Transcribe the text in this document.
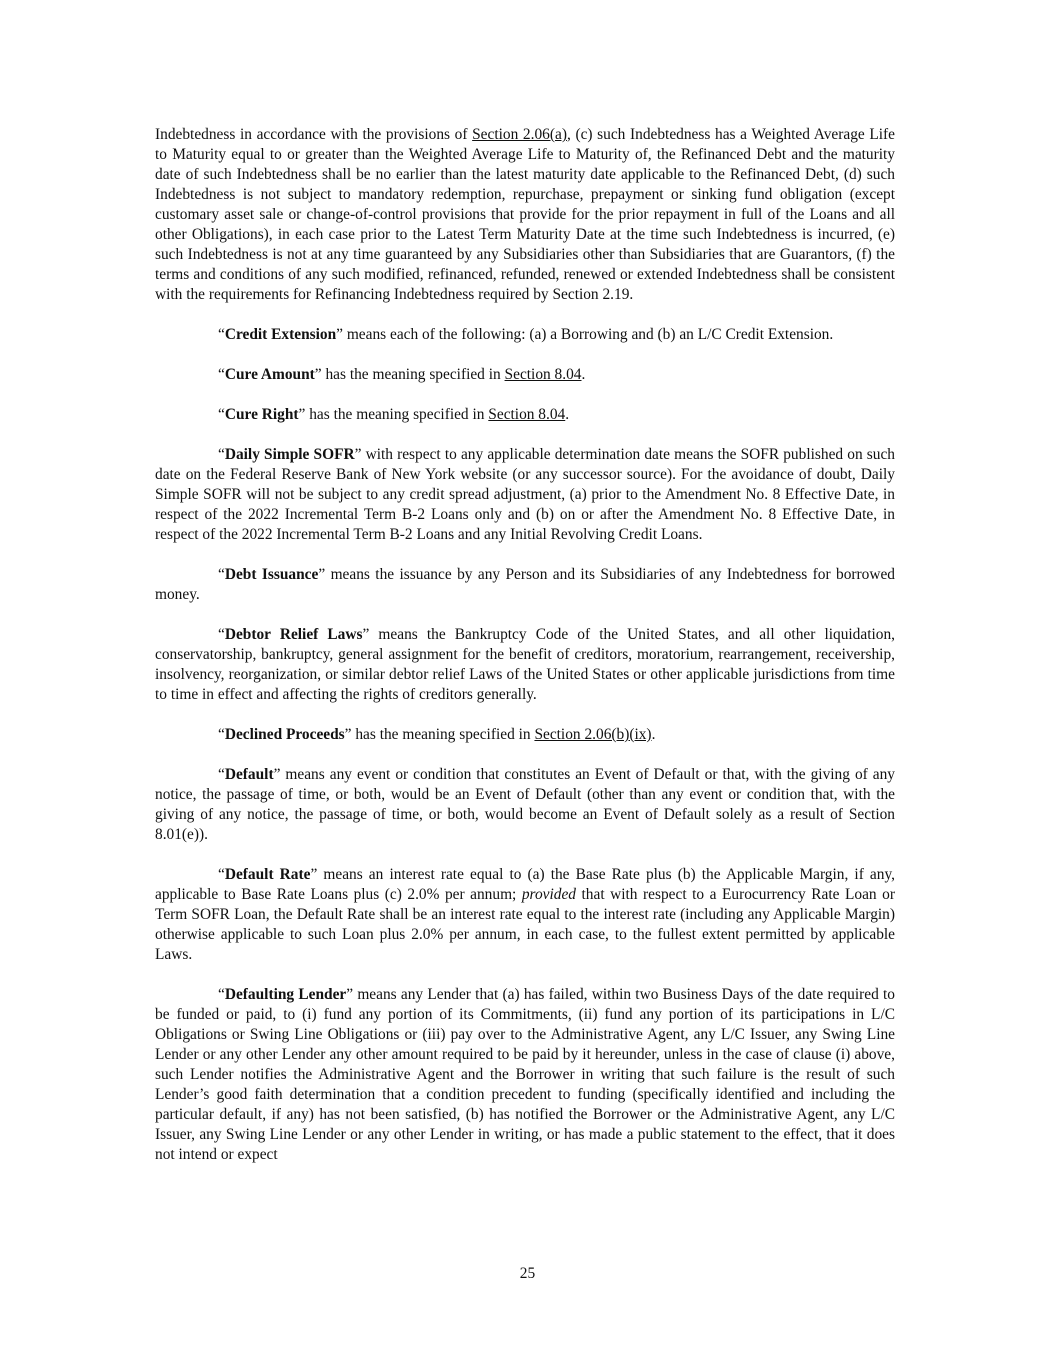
Indebtedness in accordance with the provisions of Section 2.06(a), (c) such Indebtedness has a Weighted Average Life to Maturity equal to or greater than the Weighted Average Life to Maturity of, the Refinanced Debt and the maturity date of such Indebtedness shall be no earlier than the latest maturity date applicable to the Refinanced Debt, (d) such Indebtedness is not subject to mandatory redemption, repurchase, prepayment or sinking fund obligation (except customary asset sale or change-of-control provisions that provide for the prior repayment in full of the Loans and all other Obligations), in each case prior to the Latest Term Maturity Date at the time such Indebtedness is incurred, (e) such Indebtedness is not at any time guaranteed by any Subsidiaries other than Subsidiaries that are Guarantors, (f) the terms and conditions of any such modified, refinanced, refunded, renewed or extended Indebtedness shall be consistent with the requirements for Refinancing Indebtedness required by Section 2.19.

“Credit Extension” means each of the following: (a) a Borrowing and (b) an L/C Credit Extension.

“Cure Amount” has the meaning specified in Section 8.04.

“Cure Right” has the meaning specified in Section 8.04.

“Daily Simple SOFR” with respect to any applicable determination date means the SOFR published on such date on the Federal Reserve Bank of New York website (or any successor source). For the avoidance of doubt, Daily Simple SOFR will not be subject to any credit spread adjustment, (a) prior to the Amendment No. 8 Effective Date, in respect of the 2022 Incremental Term B-2 Loans only and (b) on or after the Amendment No. 8 Effective Date, in respect of the 2022 Incremental Term B-2 Loans and any Initial Revolving Credit Loans.

“Debt Issuance” means the issuance by any Person and its Subsidiaries of any Indebtedness for borrowed money.

“Debtor Relief Laws” means the Bankruptcy Code of the United States, and all other liquidation, conservatorship, bankruptcy, general assignment for the benefit of creditors, moratorium, rearrangement, receivership, insolvency, reorganization, or similar debtor relief Laws of the United States or other applicable jurisdictions from time to time in effect and affecting the rights of creditors generally.

“Declined Proceeds” has the meaning specified in Section 2.06(b)(ix).

“Default” means any event or condition that constitutes an Event of Default or that, with the giving of any notice, the passage of time, or both, would be an Event of Default (other than any event or condition that, with the giving of any notice, the passage of time, or both, would become an Event of Default solely as a result of Section 8.01(e)).

“Default Rate” means an interest rate equal to (a) the Base Rate plus (b) the Applicable Margin, if any, applicable to Base Rate Loans plus (c) 2.0% per annum; provided that with respect to a Eurocurrency Rate Loan or Term SOFR Loan, the Default Rate shall be an interest rate equal to the interest rate (including any Applicable Margin) otherwise applicable to such Loan plus 2.0% per annum, in each case, to the fullest extent permitted by applicable Laws.

“Defaulting Lender” means any Lender that (a) has failed, within two Business Days of the date required to be funded or paid, to (i) fund any portion of its Commitments, (ii) fund any portion of its participations in L/C Obligations or Swing Line Obligations or (iii) pay over to the Administrative Agent, any L/C Issuer, any Swing Line Lender or any other Lender any other amount required to be paid by it hereunder, unless in the case of clause (i) above, such Lender notifies the Administrative Agent and the Borrower in writing that such failure is the result of such Lender’s good faith determination that a condition precedent to funding (specifically identified and including the particular default, if any) has not been satisfied, (b) has notified the Borrower or the Administrative Agent, any L/C Issuer, any Swing Line Lender or any other Lender in writing, or has made a public statement to the effect, that it does not intend or expect

25
